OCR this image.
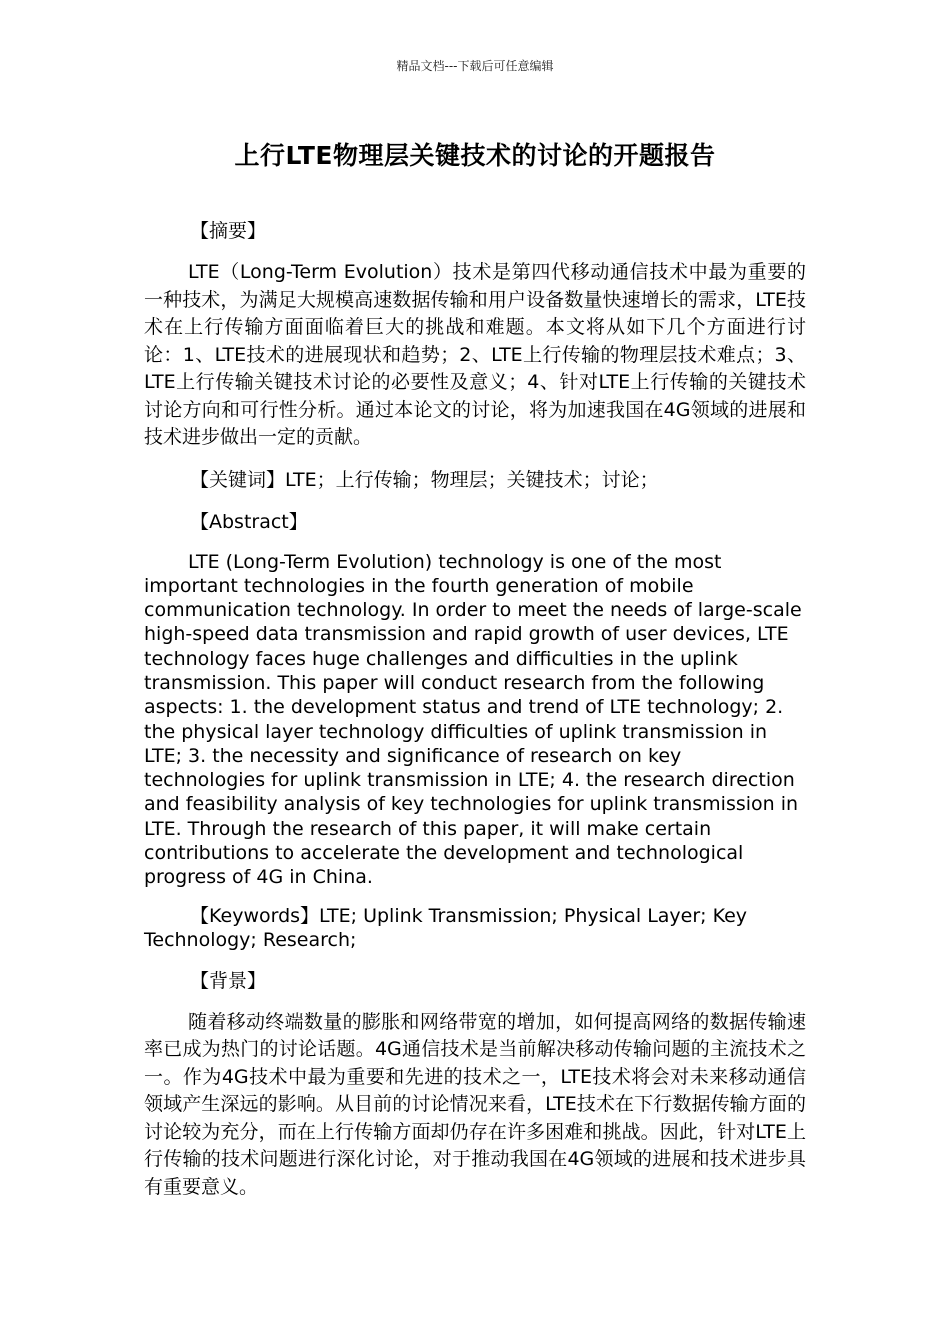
精品文档---下载后可任意编辑
上行LTE物理层关键技术的讨论的开题报告

【摘要】

LTE（Long-Term Evolution）技术是第四代移动通信技术中最为重要的一种技术，为满足大规模高速数据传输和用户设备数量快速增长的需求，LTE技术在上行传输方面面临着巨大的挑战和难题。本文将从如下几个方面进行讨论：1、LTE技术的进展现状和趋势；2、LTE上行传输的物理层技术难点；3、LTE上行传输关键技术讨论的必要性及意义；4、针对LTE上行传输的关键技术讨论方向和可行性分析。通过本论文的讨论，将为加速我国在4G领域的进展和技术进步做出一定的贡献。

【关键词】LTE；上行传输；物理层；关键技术；讨论；

【Abstract】

LTE (Long-Term Evolution) technology is one of the most important technologies in the fourth generation of mobile communication technology. In order to meet the needs of large-scale high-speed data transmission and rapid growth of user devices, LTE technology faces huge challenges and difficulties in the uplink transmission. This paper will conduct research from the following aspects: 1. the development status and trend of LTE technology; 2. the physical layer technology difficulties of uplink transmission in LTE; 3. the necessity and significance of research on key technologies for uplink transmission in LTE; 4. the research direction and feasibility analysis of key technologies for uplink transmission in LTE. Through the research of this paper, it will make certain contributions to accelerate the development and technological progress of 4G in China.

【Keywords】LTE; Uplink Transmission; Physical Layer; Key Technology; Research;

【背景】

随着移动终端数量的膨胀和网络带宽的增加，如何提高网络的数据传输速率已成为热门的讨论话题。4G通信技术是当前解决移动传输问题的主流技术之一。作为4G技术中最为重要和先进的技术之一，LTE技术将会对未来移动通信领域产生深远的影响。从目前的讨论情况来看，LTE技术在下行数据传输方面的讨论较为充分，而在上行传输方面却仍存在许多困难和挑战。因此，针对LTE上行传输的技术问题进行深化讨论，对于推动我国在4G领域的进展和技术进步具有重要意义。
